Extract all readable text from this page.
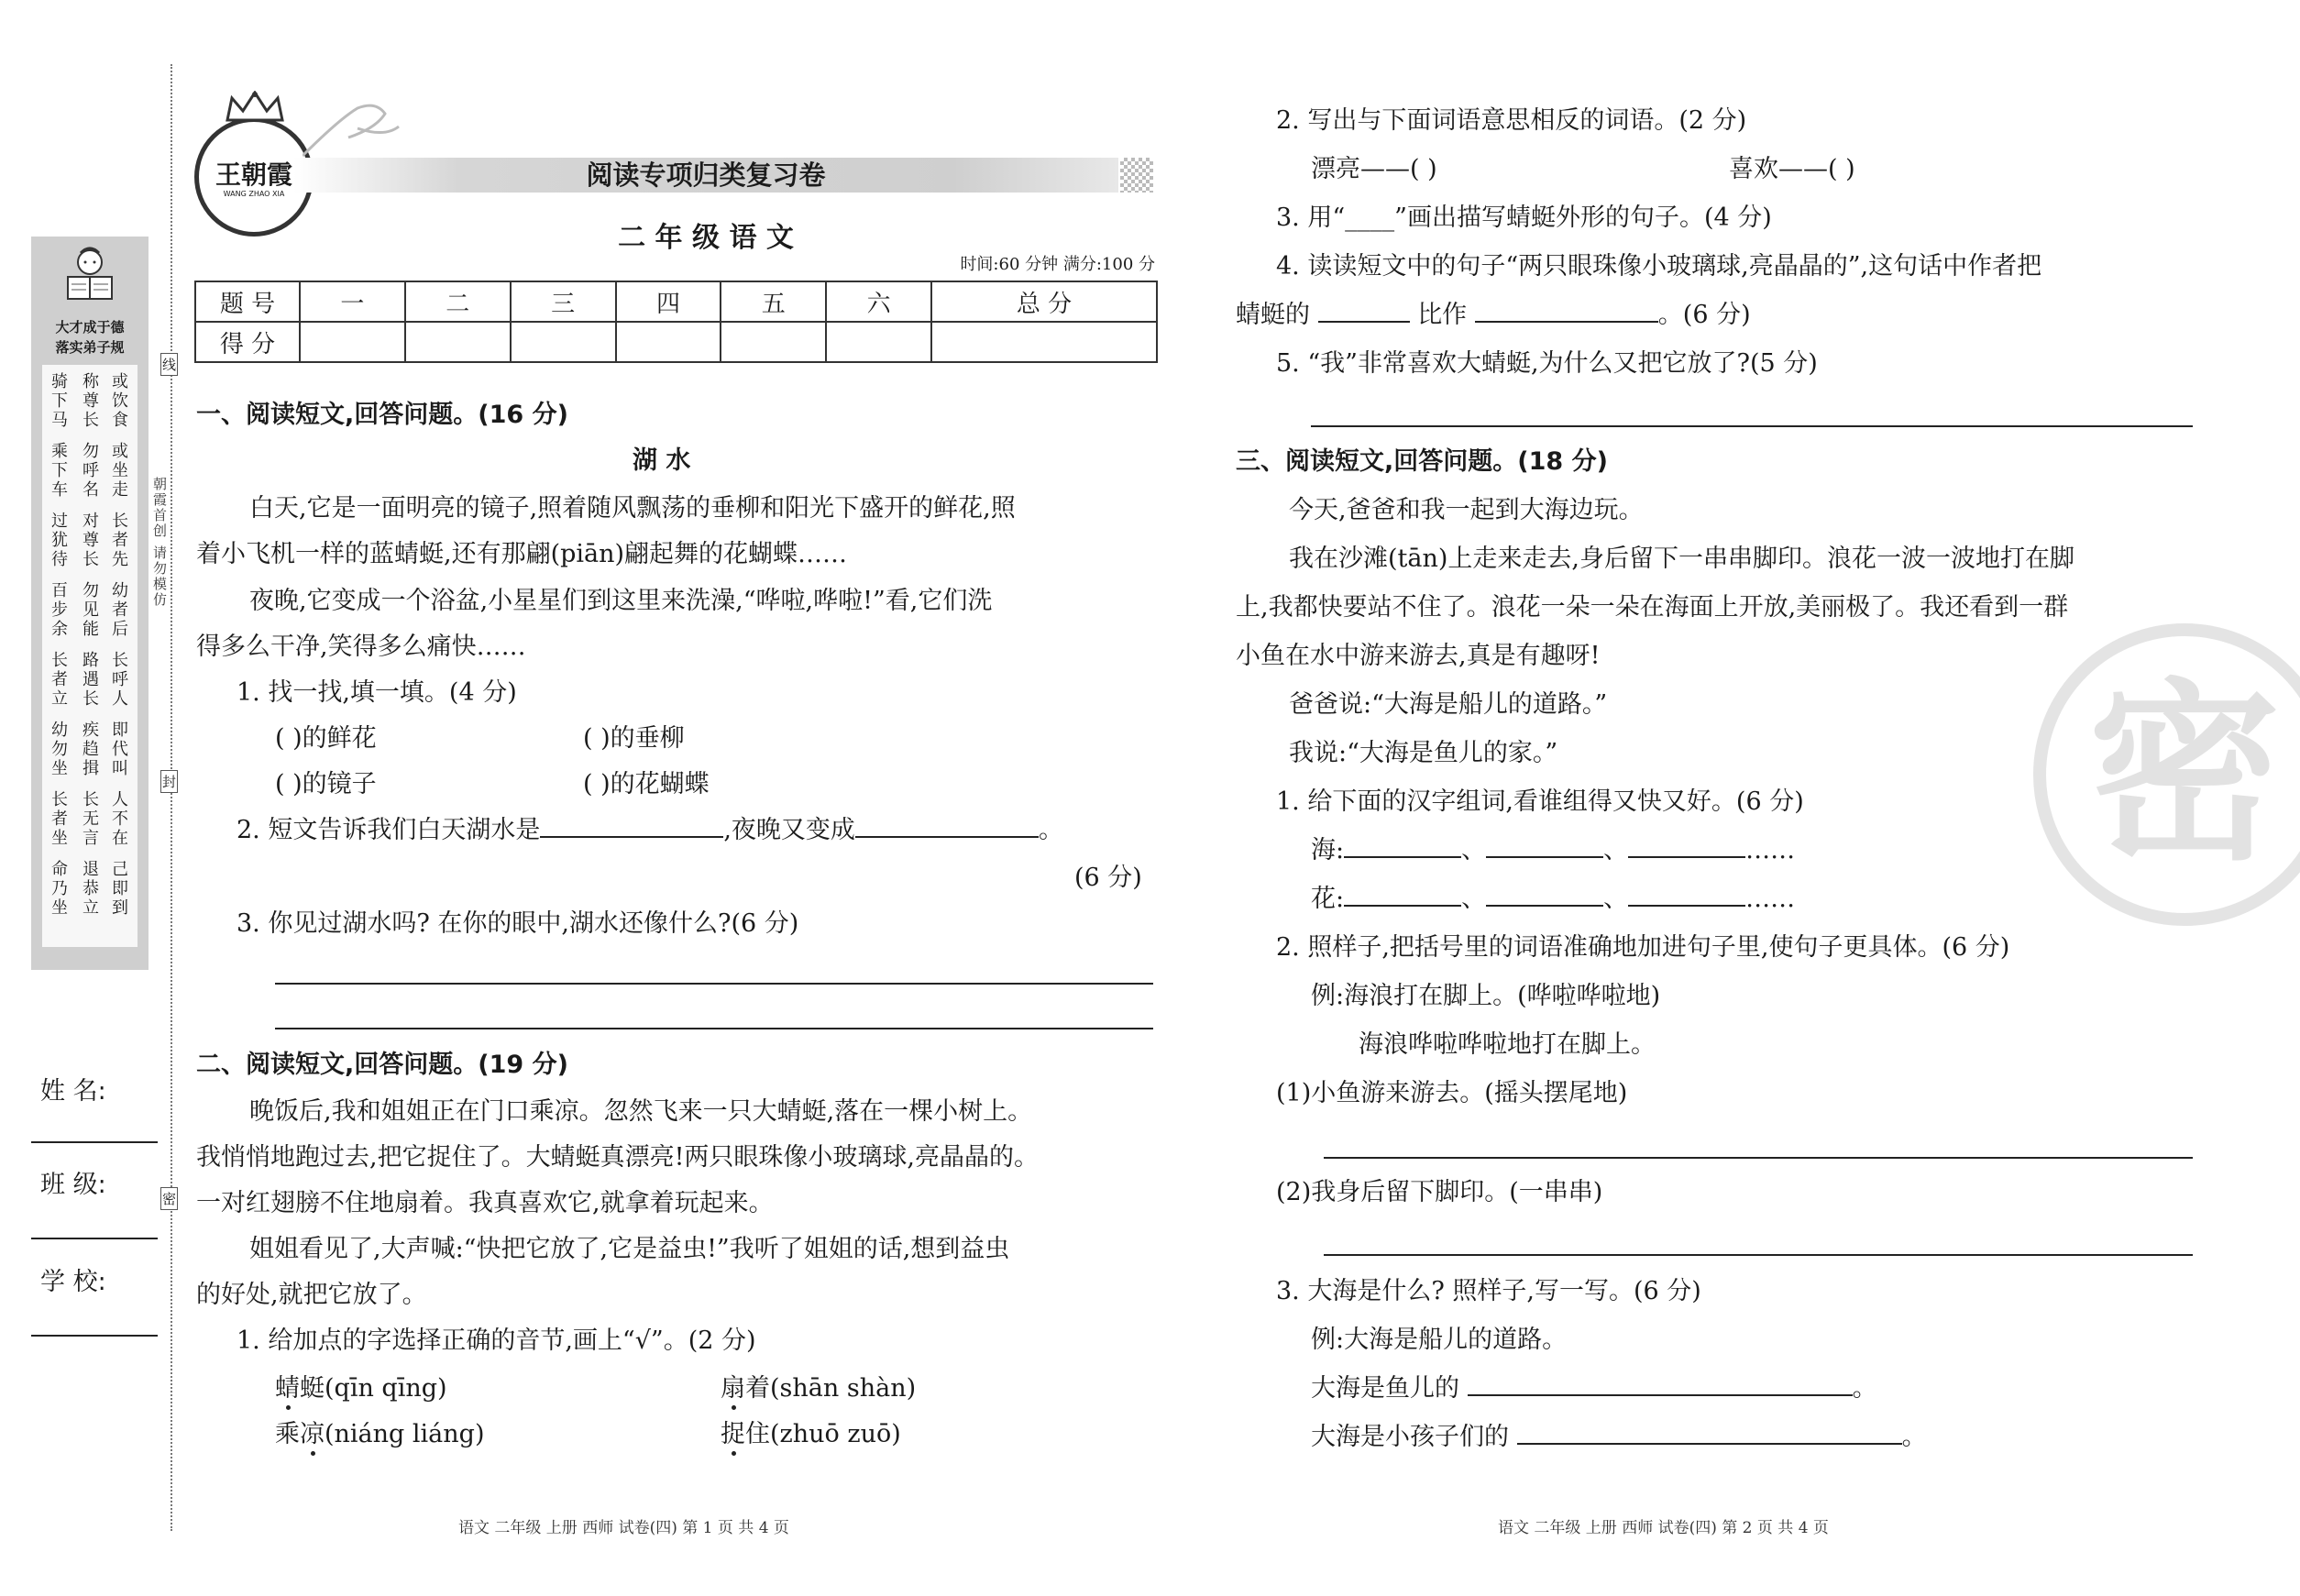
大才成于德
落实弟子规
骑下马
乘下车
过犹待
百步余
长者立
幼勿坐
长者坐
命乃坐
称尊长
勿呼名
对尊长
勿见能
路遇长
疾趋揖
长无言
退恭立
或饮食
或坐走
长者先
幼者后
长呼人
即代叫
人不在
己即到
姓 名:
班 级:
学 校:
朝霞首创 请勿模仿
线
封
密
王朝霞
WANG ZHAO XIA
阅读专项归类复习卷
二 年 级 语 文
时间:60 分钟 满分:100 分
题 号	一	二	三	四	五	六	总 分
得 分							
一、阅读短文,回答问题。(16 分)
湖 水
白天,它是一面明亮的镜子,照着随风飘荡的垂柳和阳光下盛开的鲜花,照
着小飞机一样的蓝蜻蜓,还有那翩(piān)翩起舞的花蝴蝶……
夜晚,它变成一个浴盆,小星星们到这里来洗澡,“哗啦,哗啦!”看,它们洗
得多么干净,笑得多么痛快……
1. 找一找,填一填。(4 分)
( )的鲜花	( )的垂柳
( )的镜子	( )的花蝴蝶
2. 短文告诉我们白天湖水是	,夜晚又变成	。
(6 分)
3. 你见过湖水吗? 在你的眼中,湖水还像什么?(6 分)
二、阅读短文,回答问题。(19 分)
晚饭后,我和姐姐正在门口乘凉。忽然飞来一只大蜻蜓,落在一棵小树上。
我悄悄地跑过去,把它捉住了。大蜻蜓真漂亮!两只眼珠像小玻璃球,亮晶晶的。
一对红翅膀不住地扇着。我真喜欢它,就拿着玩起来。
姐姐看见了,大声喊:“快把它放了,它是益虫!”我听了姐姐的话,想到益虫
的好处,就把它放了。
1. 给加点的字选择正确的音节,画上“√”。(2 分)
蜻蜓(qīn qīng)	扇着(shān shàn)
乘凉(niáng liáng)	捉住(zhuō zuō)
语文 二年级 上册 西师 试卷(四) 第 1 页 共 4 页
密
2. 写出与下面词语意思相反的词语。(2 分)
漂亮——( )	喜欢——( )
3. 用“____”画出描写蜻蜓外形的句子。(4 分)
4. 读读短文中的句子“两只眼珠像小玻璃球,亮晶晶的”,这句话中作者把
蜻蜓的	比作	。(6 分)
5. “我”非常喜欢大蜻蜓,为什么又把它放了?(5 分)
三、阅读短文,回答问题。(18 分)
今天,爸爸和我一起到大海边玩。
我在沙滩(tān)上走来走去,身后留下一串串脚印。浪花一波一波地打在脚
上,我都快要站不住了。浪花一朵一朵在海面上开放,美丽极了。我还看到一群
小鱼在水中游来游去,真是有趣呀!
爸爸说:“大海是船儿的道路。”
我说:“大海是鱼儿的家。”
1. 给下面的汉字组词,看谁组得又快又好。(6 分)
海:	、	、	……
花:	、	、	……
2. 照样子,把括号里的词语准确地加进句子里,使句子更具体。(6 分)
例:海浪打在脚上。(哗啦哗啦地)
海浪哗啦哗啦地打在脚上。
(1)小鱼游来游去。(摇头摆尾地)
(2)我身后留下脚印。(一串串)
3. 大海是什么? 照样子,写一写。(6 分)
例:大海是船儿的道路。
大海是鱼儿的	。
大海是小孩子们的	。
语文 二年级 上册 西师 试卷(四) 第 2 页 共 4 页
